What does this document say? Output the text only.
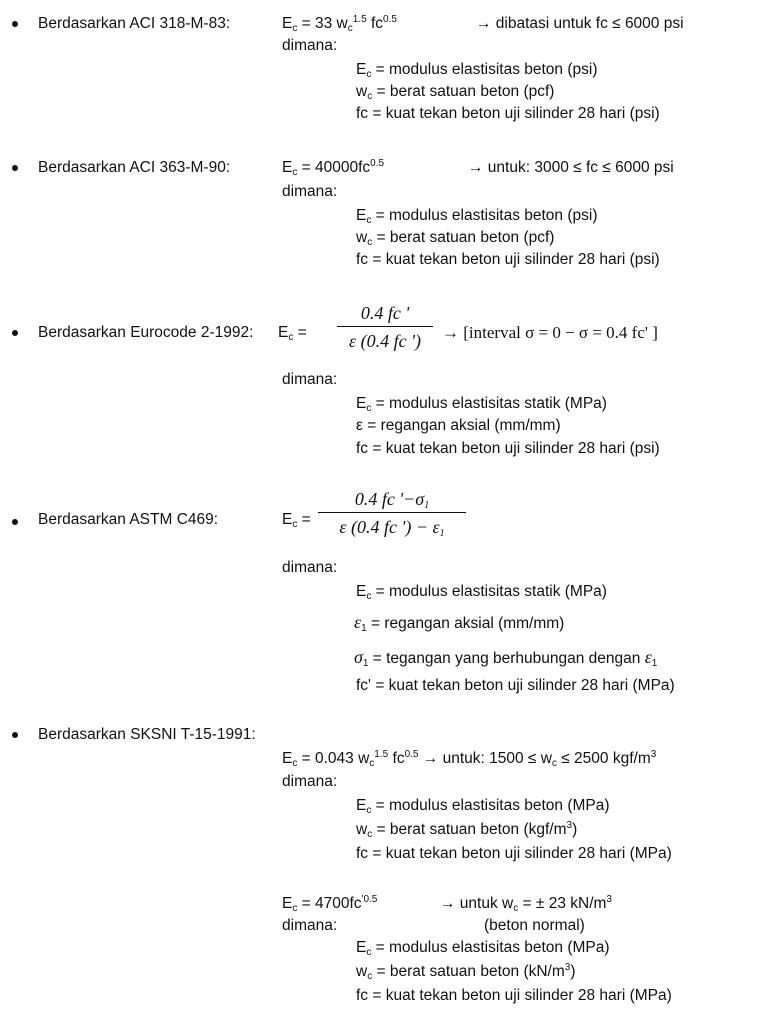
Berdasarkan ACI 318-M-83:	$E_c = 33$ $w_c^{1.5}$ $fc^{0.5}$	→ dibatasi untuk fc ≤ 6000 psi
dimana:
$E_c$ = modulus elastisitas beton (psi)
$w_c$ = berat satuan beton (pcf)
fc = kuat tekan beton uji silinder 28 hari (psi)
Berdasarkan ACI 363-M-90:	$E_c = 40000fc^{0.5}$	→ untuk: 3000 ≤ fc ≤ 6000 psi
dimana:
$E_c$ = modulus elastisitas beton (psi)
$w_c$ = berat satuan beton (pcf)
fc = kuat tekan beton uji silinder 28 hari (psi)
Berdasarkan Eurocode 2-1992: $E_c$ =
0.4 fc '
ε (0.4 fc ')	→ [interval σ = 0 − σ = 0.4 fc' ]
dimana:
$E_c$ = modulus elastisitas statik (MPa)
ε = regangan aksial (mm/mm)
fc = kuat tekan beton uji silinder 28 hari (psi)
Berdasarkan ASTM C469:	$E_c$ =
0.4 fc '$-\sigma_1$
ε (0.4 fc ') − $\varepsilon_1$
dimana:
$E_c$ = modulus elastisitas statik (MPa)
$\varepsilon_1$ = regangan aksial (mm/mm)
$\sigma_1$ = tegangan yang berhubungan dengan $\varepsilon_1$
fc' = kuat tekan beton uji silinder 28 hari (MPa)
Berdasarkan SKSNI T-15-1991:
$E_c = 0.043$ $w_c^{1.5}$ $fc^{0.5}$ → untuk: $1500 \le w_c \le 2500$ kgf/$m^3$
dimana:
$E_c$ = modulus elastisitas beton (MPa)
$w_c$ = berat satuan beton $(kgf/m^3)$
fc = kuat tekan beton uji silinder 28 hari (MPa)
$E_c = 4700fc^{'0.5}$	→ untuk $w_c$ = ± 23 $kN/m^3$
(beton normal)
dimana:
$E_c$ = modulus elastisitas beton (MPa)
$w_c$ = berat satuan beton $(kN/m^3)$
fc = kuat tekan beton uji silinder 28 hari (MPa)
